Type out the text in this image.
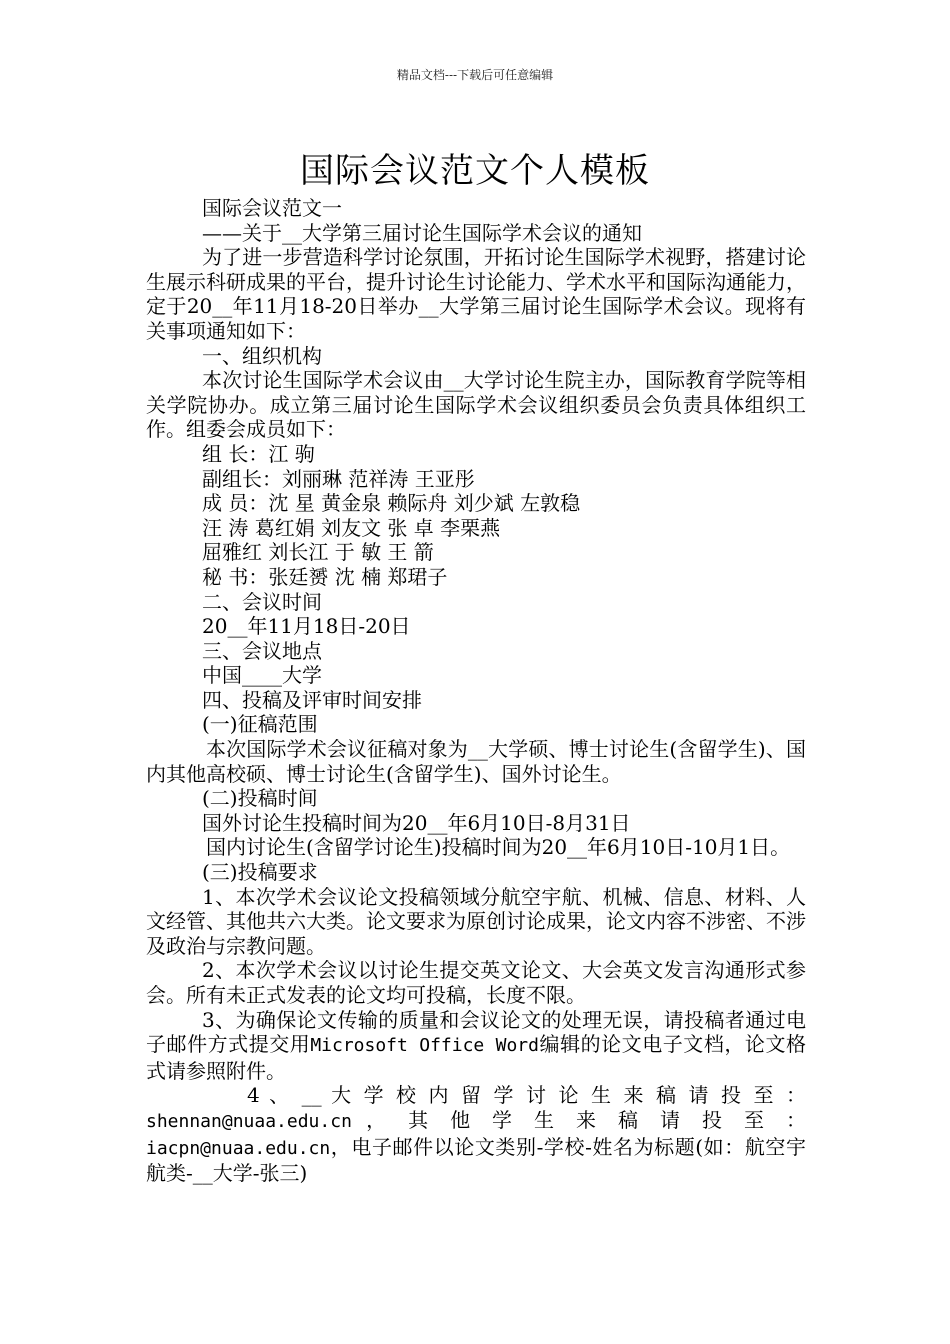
精品文档---下载后可任意编辑
国际会议范文个人模板

国际会议范文一

——关于__大学第三届讨论生国际学术会议的通知

为了进一步营造科学讨论氛围，开拓讨论生国际学术视野，搭建讨论生展示科研成果的平台，提升讨论生讨论能力、学术水平和国际沟通能力，定于20__年11月18-20日举办__大学第三届讨论生国际学术会议。现将有关事项通知如下：

一、组织机构

本次讨论生国际学术会议由__大学讨论生院主办，国际教育学院等相关学院协办。成立第三届讨论生国际学术会议组织委员会负责具体组织工作。组委会成员如下：

组 长：江 驹

副组长：刘丽琳 范祥涛 王亚彤

成 员：沈 星 黄金泉 赖际舟 刘少斌 左敦稳

汪 涛 葛红娟 刘友文 张 卓 李栗燕

屈雅红 刘长江 于 敏 王 箭

秘 书：张廷赟 沈 楠 郑珺子

二、会议时间

20__年11月18日-20日

三、会议地点

中国____大学

四、投稿及评审时间安排

(一)征稿范围

本次国际学术会议征稿对象为__大学硕、博士讨论生(含留学生)、国内其他高校硕、博士讨论生(含留学生)、国外讨论生。

(二)投稿时间

国外讨论生投稿时间为20__年6月10日-8月31日

国内讨论生(含留学讨论生)投稿时间为20__年6月10日-10月1日。

(三)投稿要求

1、本次学术会议论文投稿领域分航空宇航、机械、信息、材料、人文经管、其他共六大类。论文要求为原创讨论成果，论文内容不涉密、不涉及政治与宗教问题。

2、本次学术会议以讨论生提交英文论文、大会英文发言沟通形式参会。所有未正式发表的论文均可投稿，长度不限。

3、为确保论文传输的质量和会议论文的处理无误，请投稿者通过电子邮件方式提交用Microsoft Office Word编辑的论文电子文档，论文格式请参照附件。

4 、 __ 大 学 校 内 留 学 讨 论 生 来 稿 请 投 至 ：

shennan@nuaa.edu.cn ， 其 他 学 生 来 稿 请 投 至 ：

iacpn@nuaa.edu.cn，电子邮件以论文类别-学校-姓名为标题(如：航空宇航类-__大学-张三)
